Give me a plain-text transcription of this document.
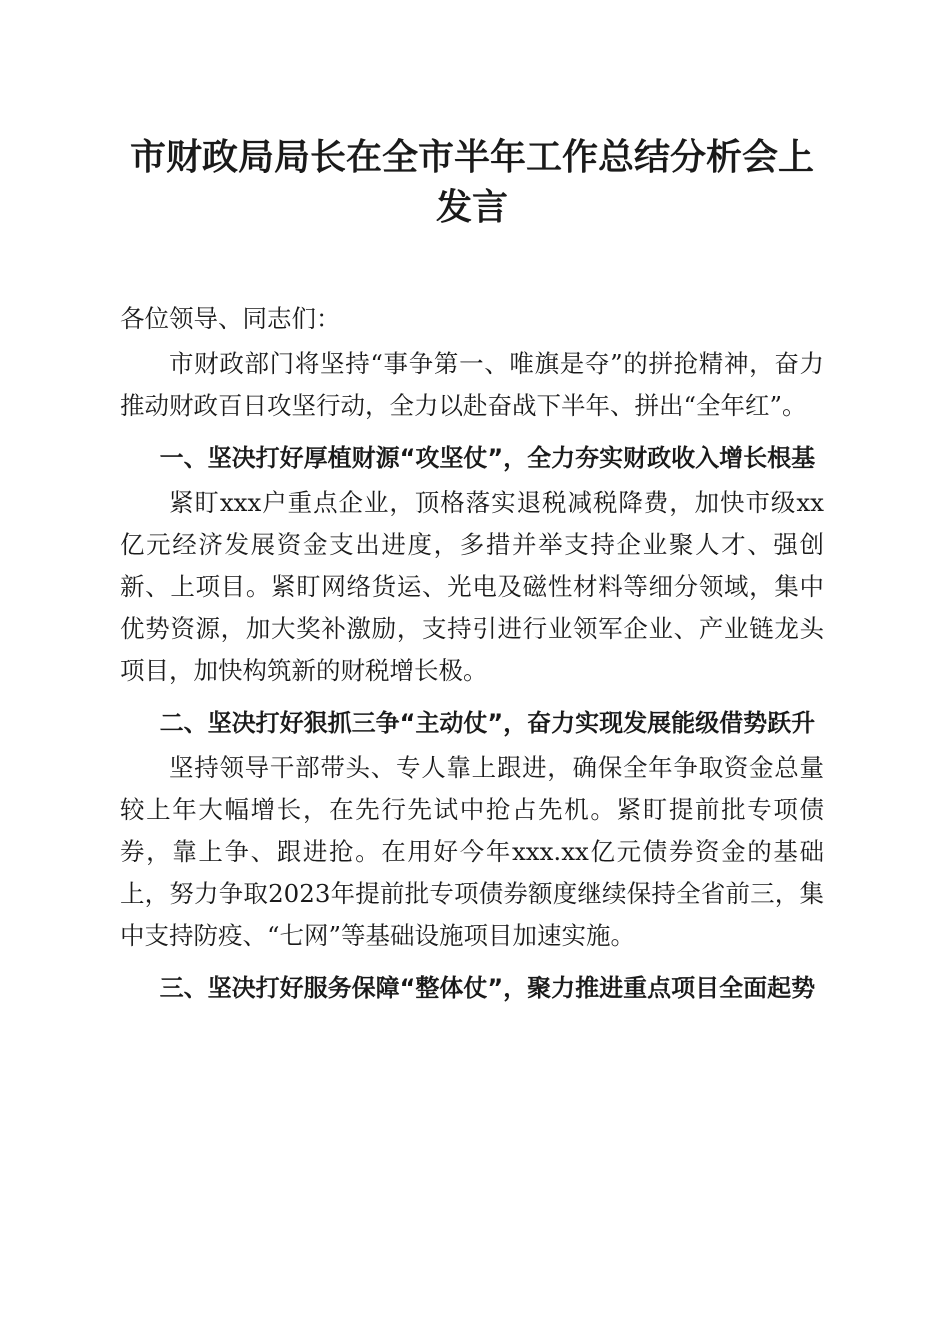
市财政局局长在全市半年工作总结分析会上发言

各位领导、同志们：

市财政部门将坚持“事争第一、唯旗是夺”的拼抢精神，奋力推动财政百日攻坚行动，全力以赴奋战下半年、拼出“全年红”。

一、坚决打好厚植财源“攻坚仗”，全力夯实财政收入增长根基

紧盯xxx户重点企业，顶格落实退税减税降费，加快市级xx亿元经济发展资金支出进度，多措并举支持企业聚人才、强创新、上项目。紧盯网络货运、光电及磁性材料等细分领域，集中优势资源，加大奖补激励，支持引进行业领军企业、产业链龙头项目，加快构筑新的财税增长极。

二、坚决打好狠抓三争“主动仗”，奋力实现发展能级借势跃升

坚持领导干部带头、专人靠上跟进，确保全年争取资金总量较上年大幅增长，在先行先试中抢占先机。紧盯提前批专项债券，靠上争、跟进抢。在用好今年xxx.xx亿元债券资金的基础上，努力争取2023年提前批专项债券额度继续保持全省前三，集中支持防疫、“七网”等基础设施项目加速实施。

三、坚决打好服务保障“整体仗”，聚力推进重点项目全面起势
